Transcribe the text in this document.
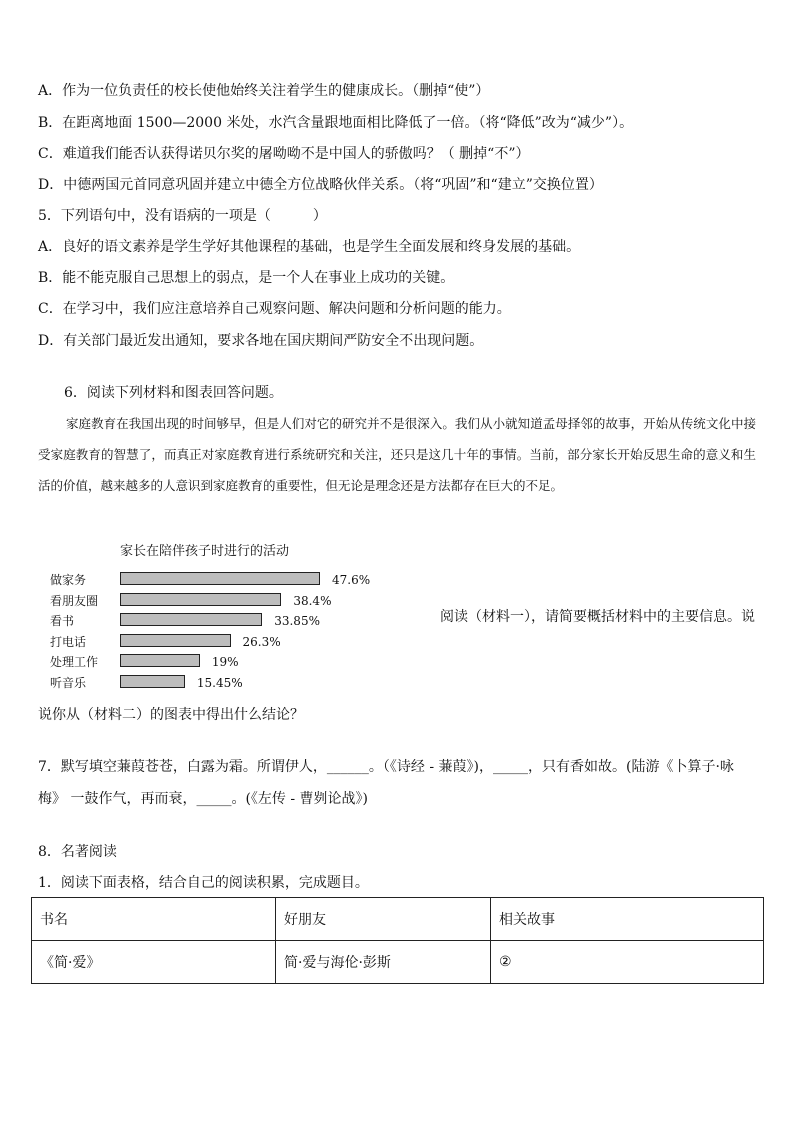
A．作为一位负责任的校长使他始终关注着学生的健康成长。（删掉“使”）
B．在距离地面 1500—2000 米处，水汽含量跟地面相比降低了一倍。（将“降低”改为“减少”）。
C．难道我们能否认获得诺贝尔奖的屠呦呦不是中国人的骄傲吗？（ 删掉“不”）
D．中德两国元首同意巩固并建立中德全方位战略伙伴关系。（将“巩固”和“建立”交换位置）
5．下列语句中，没有语病的一项是（　　　）
A．良好的语文素养是学生学好其他课程的基础，也是学生全面发展和终身发展的基础。
B．能不能克服自己思想上的弱点，是一个人在事业上成功的关键。
C．在学习中，我们应注意培养自己观察问题、解决问题和分析问题的能力。
D．有关部门最近发出通知，要求各地在国庆期间严防安全不出现问题。
6．阅读下列材料和图表回答问题。
家庭教育在我国出现的时间够早，但是人们对它的研究并不是很深入。我们从小就知道孟母择邻的故事，开始从传统文化中接受家庭教育的智慧了，而真正对家庭教育进行系统研究和关注，还只是这几十年的事情。当前，部分家长开始反思生命的意义和生活的价值，越来越多的人意识到家庭教育的重要性，但无论是理念还是方法都存在巨大的不足。
家长在陪伴孩子时进行的活动
做家务	47.6%
看朋友圈	38.4%
看书	33.85%
打电话	26.3%
处理工作	19%
听音乐	15.45%
阅读（材料一），请简要概括材料中的主要信息。说
说你从（材料二）的图表中得出什么结论？
7．默写填空蒹葭苍苍，白露为霜。所谓伊人，______。（《诗经 - 蒹葭》)，_____，只有香如故。(陆游《卜算子·咏
梅》 一鼓作气，再而衰，_____。(《左传 - 曹刿论战》)
8．名著阅读
1．阅读下面表格，结合自己的阅读积累，完成题目。
书名	好朋友	相关故事
《简·爱》	简·爱与海伦·彭斯	②
